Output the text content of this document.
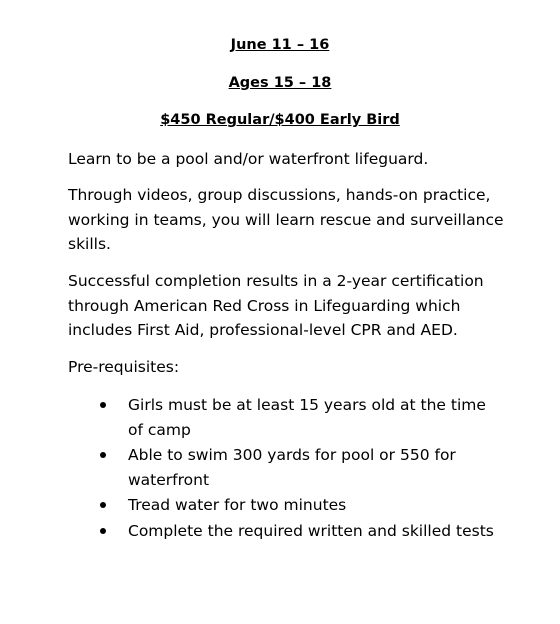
June 11 – 16

Ages 15 – 18

$450 Regular/$400 Early Bird

Learn to be a pool and/or waterfront lifeguard.

Through videos, group discussions, hands-on practice, working in teams, you will learn rescue and surveillance skills.

Successful completion results in a 2-year certification through American Red Cross in Lifeguarding which includes First Aid, professional-level CPR and AED.

Pre-requisites:

Girls must be at least 15 years old at the time of camp
Able to swim 300 yards for pool or 550 for waterfront
Tread water for two minutes
Complete the required written and skilled tests
